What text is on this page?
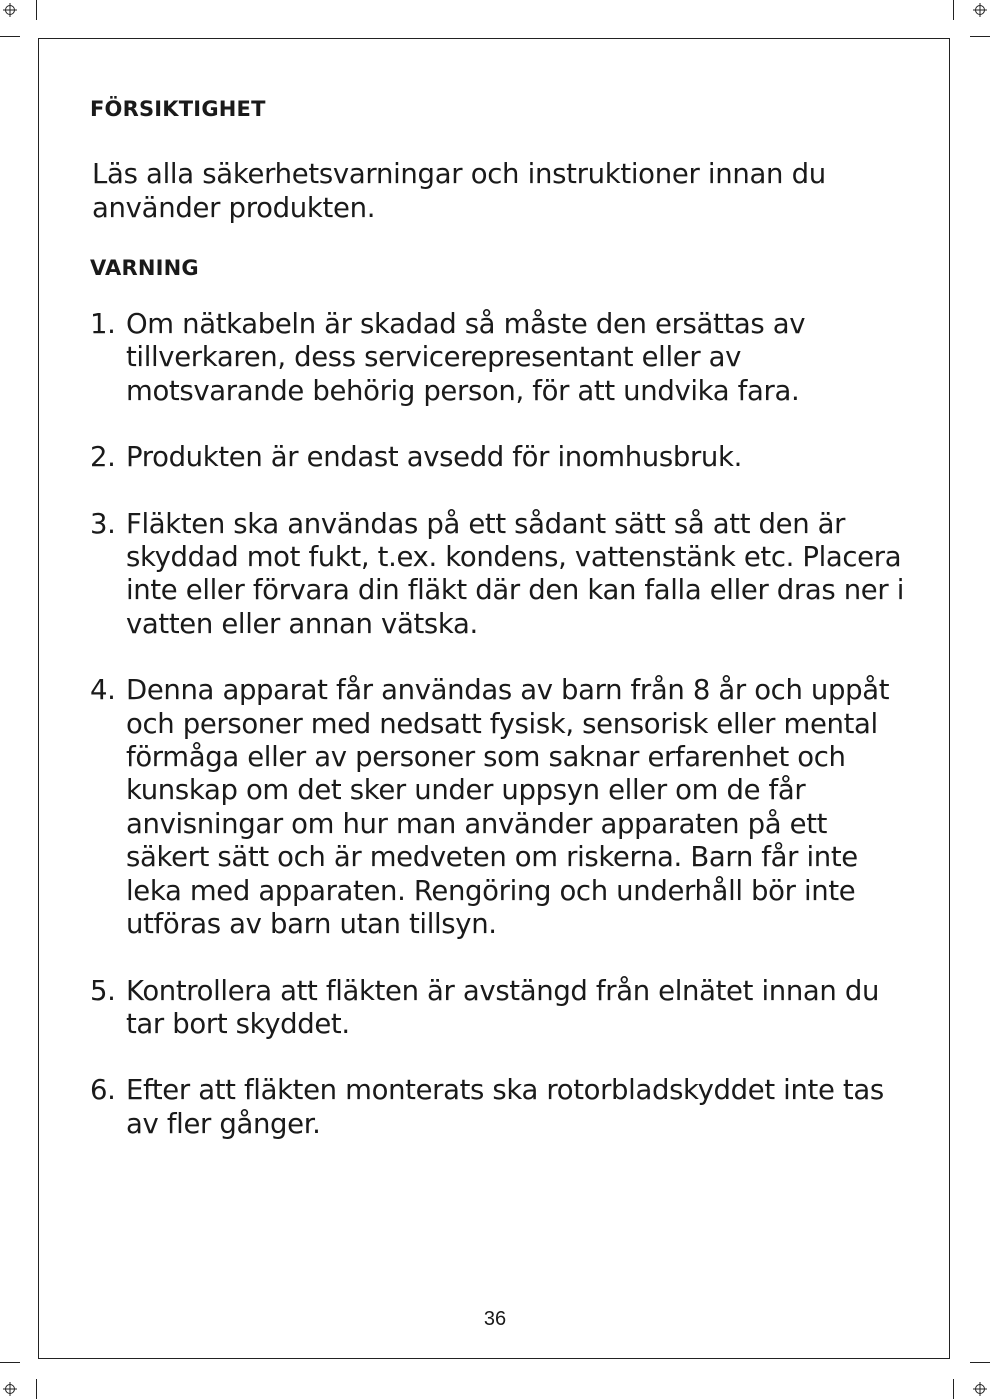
FÖRSIKTIGHET

Läs alla säkerhetsvarningar och instruktioner innan du använder produkten.

VARNING
1. Om nätkabeln är skadad så måste den ersättas av tillverkaren, dess servicerepresentant eller av motsvarande behörig person, för att undvika fara.
2. Produkten är endast avsedd för inomhusbruk.
3. Fläkten ska användas på ett sådant sätt så att den är skyddad mot fukt, t.ex. kondens, vattenstänk etc. Placera inte eller förvara din fläkt där den kan falla eller dras ner i vatten eller annan vätska.
4. Denna apparat får användas av barn från 8 år och uppåt och personer med nedsatt fysisk, sensorisk eller mental förmåga eller av personer som saknar erfarenhet och kunskap om det sker under uppsyn eller om de får anvisningar om hur man använder apparaten på ett säkert sätt och är medveten om riskerna. Barn får inte leka med apparaten. Rengöring och underhåll bör inte utföras av barn utan tillsyn.
5. Kontrollera att fläkten är avstängd från elnätet innan du tar bort skyddet.
6. Efter att fläkten monterats ska rotorbladskyddet inte tas av fler gånger.

36
